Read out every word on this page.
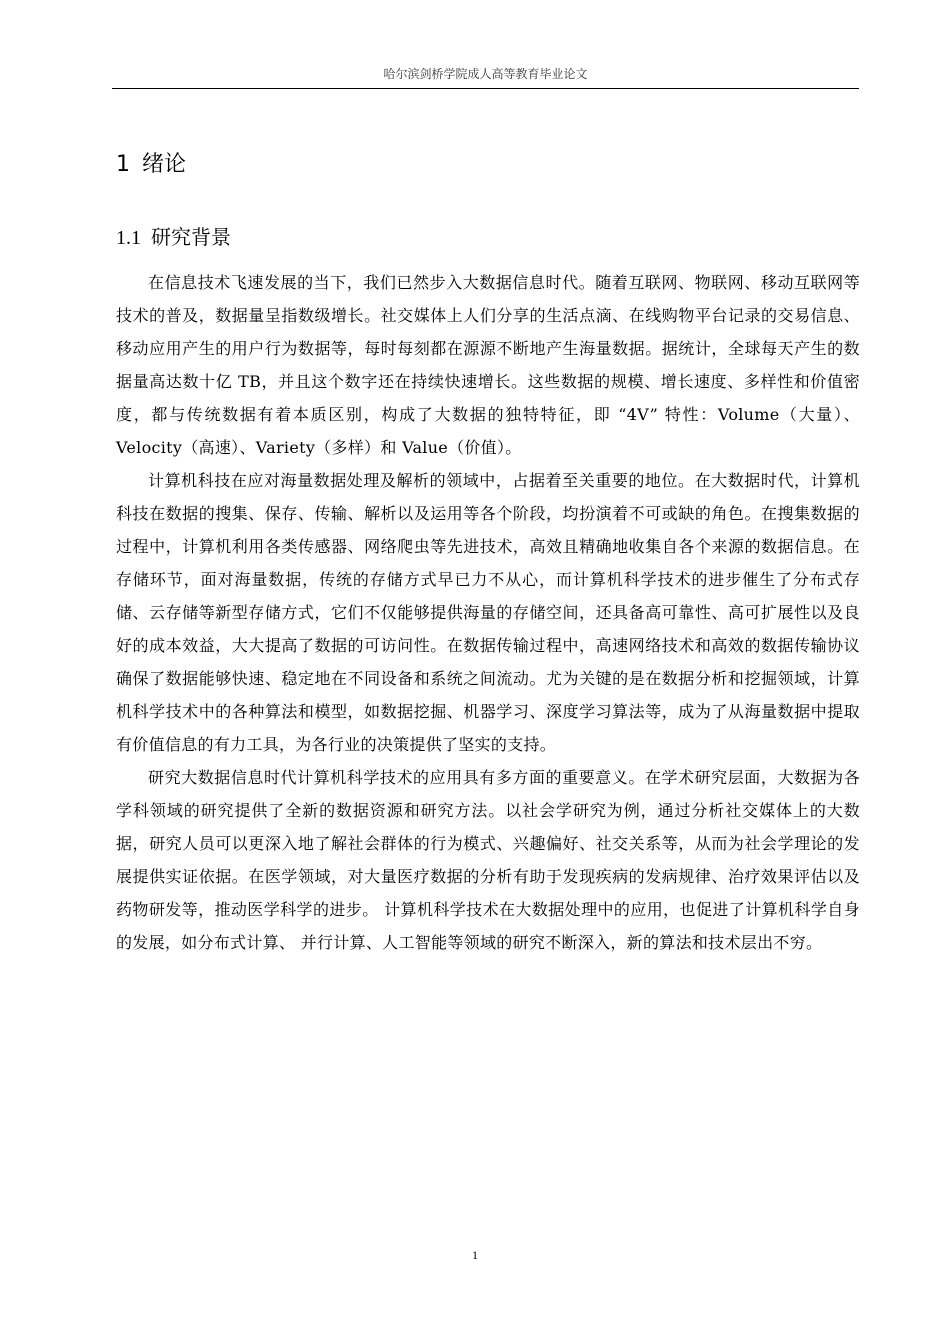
哈尔滨剑桥学院成人高等教育毕业论文
1 绪论
1.1 研究背景

在信息技术飞速发展的当下，我们已然步入大数据信息时代。随着互联网、物联网、移动互联网等技术的普及，数据量呈指数级增长。社交媒体上人们分享的生活点滴、在线购物平台记录的交易信息、移动应用产生的用户行为数据等，每时每刻都在源源不断地产生海量数据。据统计，全球每天产生的数据量高达数十亿 TB，并且这个数字还在持续快速增长。这些数据的规模、增长速度、多样性和价值密度，都与传统数据有着本质区别，构成了大数据的独特特征，即 “4V” 特性：Volume（大量）、Velocity（高速）、Variety（多样）和 Value（价值）。

计算机科技在应对海量数据处理及解析的领域中，占据着至关重要的地位。在大数据时代，计算机科技在数据的搜集、保存、传输、解析以及运用等各个阶段，均扮演着不可或缺的角色。在搜集数据的过程中，计算机利用各类传感器、网络爬虫等先进技术，高效且精确地收集自各个来源的数据信息。在存储环节，面对海量数据，传统的存储方式早已力不从心，而计算机科学技术的进步催生了分布式存储、云存储等新型存储方式，它们不仅能够提供海量的存储空间，还具备高可靠性、高可扩展性以及良好的成本效益，大大提高了数据的可访问性。在数据传输过程中，高速网络技术和高效的数据传输协议确保了数据能够快速、稳定地在不同设备和系统之间流动。尤为关键的是在数据分析和挖掘领域，计算机科学技术中的各种算法和模型，如数据挖掘、机器学习、深度学习算法等，成为了从海量数据中提取有价值信息的有力工具，为各行业的决策提供了坚实的支持。

研究大数据信息时代计算机科学技术的应用具有多方面的重要意义。在学术研究层面，大数据为各学科领域的研究提供了全新的数据资源和研究方法。以社会学研究为例，通过分析社交媒体上的大数据，研究人员可以更深入地了解社会群体的行为模式、兴趣偏好、社交关系等，从而为社会学理论的发展提供实证依据。在医学领域，对大量医疗数据的分析有助于发现疾病的发病规律、治疗效果评估以及药物研发等，推动医学科学的进步。 计算机科学技术在大数据处理中的应用，也促进了计算机科学自身的发展，如分布式计算、 并行计算、人工智能等领域的研究不断深入，新的算法和技术层出不穷。

1
